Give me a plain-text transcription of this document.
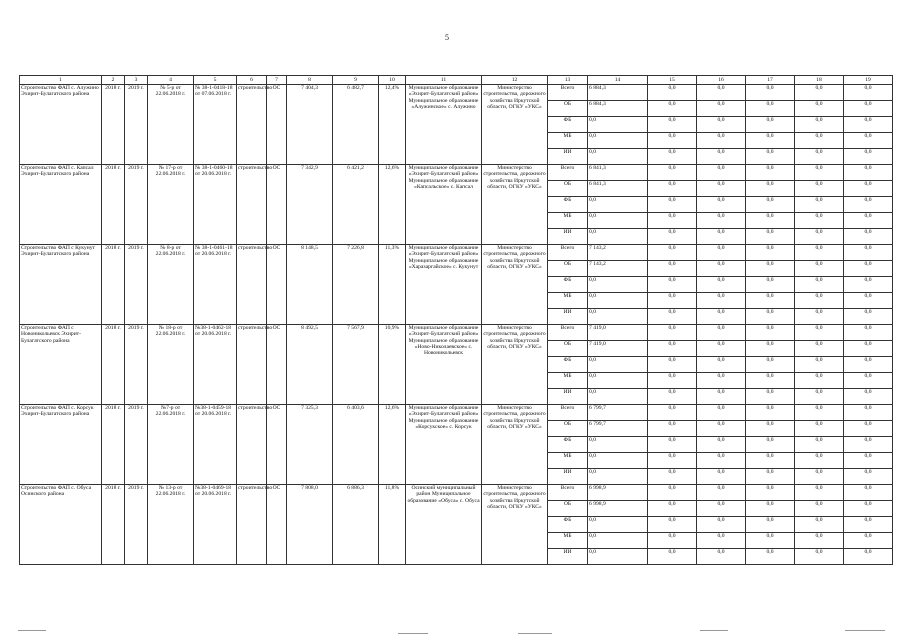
5
1	2	3	4	5	6	7	8	9	10	11	12	13	14	15	16	17	18	19
Строительство ФАП с. Алужино Эхирит-Булагатского района	2018 г.	2019 г.	№ 5-р от 22.06.2018 г.	№ 38-1-0418-18 от 07.06.2018 г.	строительство	ОС	7 404,3	6 482,7	12,4%	Муниципальное образование «Эхирит-Булагатский район» Муниципальное образование «Алужинское» с. Алужино	Министерство строительства, дорожного хозяйства Иркутской области, ОГКУ «УКС»	Всего	6 884,3	0,0	0,0	0,0	0,0	0,0
												ОБ	6 884,3	0,0	0,0	0,0	0,0	0,0
												ФБ	0,0	0,0	0,0	0,0	0,0	0,0
												МБ	0,0	0,0	0,0	0,0	0,0	0,0
												ИИ	0,0	0,0	0,0	0,0	0,0	0,0
Строительство ФАП с. Капсал Эхирит-Булагатского района	2018 г.	2019 г.	№ 17-р от 22.06.2018 г.	№ 38-1-0460-18 от 20.06.2018 г.	строительство	ОС	7 342,9	6 421,2	12,6%	Муниципальное образование «Эхирит-Булагатский район» Муниципальное образование «Капсальское» с. Капсал	Министерство строительства, дорожного хозяйства Иркутской области, ОГКУ «УКС»	Всего	6 841,3	0,0	0,0	0,0	0,0	0,0
												ОБ	6 841,3	0,0	0,0	0,0	0,0	0,0
												ФБ	0,0	0,0	0,0	0,0	0,0	0,0
												МБ	0,0	0,0	0,0	0,0	0,0	0,0
												ИИ	0,0	0,0	0,0	0,0	0,0	0,0
Строительство ФАП с Кукунут Эхирит-Булагатского района	2018 г.	2019 г.	№ 8-р от 22.06.2018 г.	№ 38-1-0461-18 от 20.06.2018 г.	строительство	ОС	8 148,5	7 226,8	11,3%	Муниципальное образование «Эхирит-Булагатский район» Муниципальное образование «Харазаргайское» с. Кукунут	Министерство строительства, дорожного хозяйства Иркутской области, ОГКУ «УКС»	Всего	7 143,2	0,0	0,0	0,0	0,0	0,0
												ОБ	7 143,2	0,0	0,0	0,0	0,0	0,0
												ФБ	0,0	0,0	0,0	0,0	0,0	0,0
												МБ	0,0	0,0	0,0	0,0	0,0	0,0
												ИИ	0,0	0,0	0,0	0,0	0,0	0,0
Строительство ФАП с Новоникольевск Эхирит-Булагатского района	2018 г.	2019 г.	№ 18-р от 22.06.2018 г.	№38-1-0462-18 от 20.06.2018 г.	строительство	ОС	8 492,5	7 567,9	10,9%	Муниципальное образование «Эхирит-Булагатский район» Муниципальное образование «Ново-Николаевское» с. Новоникольевск	Министерство строительства, дорожного хозяйства Иркутской области, ОГКУ «УКС»	Всего	7 419,0	0,0	0,0	0,0	0,0	0,0
												ОБ	7 419,0	0,0	0,0	0,0	0,0	0,0
												ФБ	0,0	0,0	0,0	0,0	0,0	0,0
												МБ	0,0	0,0	0,0	0,0	0,0	0,0
												ИИ	0,0	0,0	0,0	0,0	0,0	0,0
Строительство ФАП с. Корсук Эхирит-Булагатского района	2018 г.	2019 г.	№7-р от 22.06.2018 г.	№38-1-0459-18 от 20.06.2018 г.	строительство	ОС	7 325,3	6 403,6	12,6%	Муниципальное образование «Эхирит-Булагатский район» Муниципальное образование «Корсукское» с. Корсук	Министерство строительства, дорожного хозяйства Иркутской области, ОГКУ «УКС»	Всего	6 799,7	0,0	0,0	0,0	0,0	0,0
												ОБ	6 799,7	0,0	0,0	0,0	0,0	0,0
												ФБ	0,0	0,0	0,0	0,0	0,0	0,0
												МБ	0,0	0,0	0,0	0,0	0,0	0,0
												ИИ	0,0	0,0	0,0	0,0	0,0	0,0
Строительство ФАП с. Обуса Осинского района	2018 г.	2019 г.	№ 13-р от 22.06.2018 г.	№38-1-0469-18 от 20.06.2018 г.	строительство	ОС	7 808,0	6 886,3	11,8%	Осинский муниципальный район Муниципальное образование «Обуса» с. Обуса	Министерство строительства, дорожного хозяйства Иркутской области, ОГКУ «УКС»	Всего	6 998,9	0,0	0,0	0,0	0,0	0,0
												ОБ	6 998,9	0,0	0,0	0,0	0,0	0,0
												ФБ	0,0	0,0	0,0	0,0	0,0	0,0
												МБ	0,0	0,0	0,0	0,0	0,0	0,0
												ИИ	0,0	0,0	0,0	0,0	0,0	0,0
